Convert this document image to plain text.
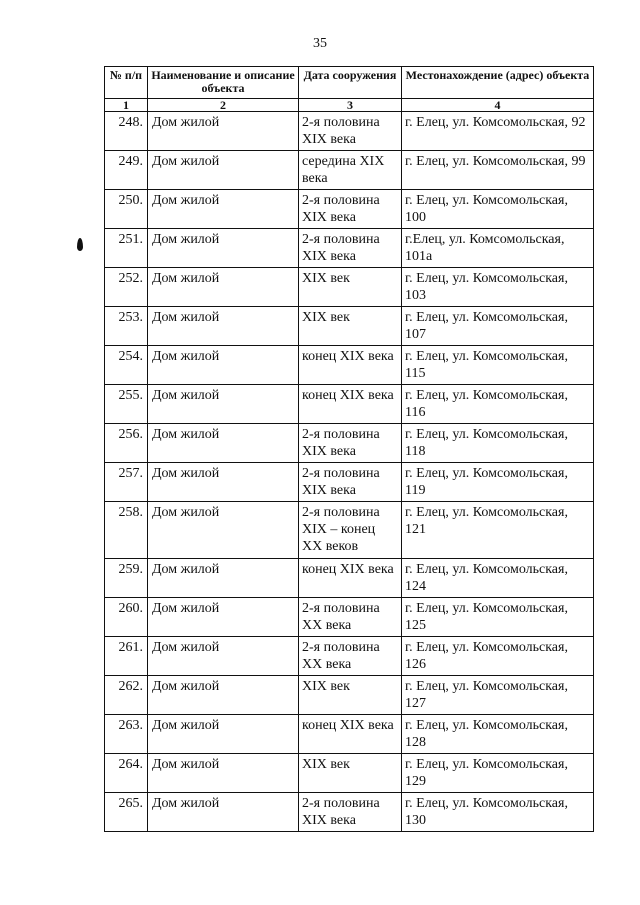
35
№ п/п	Наименование и описание объекта	Дата сооружения	Местонахождение (адрес) объекта
1	2	3	4
248.	Дом жилой	2-я половина XIX века	г. Елец, ул. Комсомольская, 92
249.	Дом жилой	середина XIX века	г. Елец, ул. Комсомольская, 99
250.	Дом жилой	2-я половина XIX века	г. Елец, ул. Комсомольская, 100
251.	Дом жилой	2-я половина XIX века	г.Елец, ул. Комсомольская, 101а
252.	Дом жилой	XIX век	г. Елец, ул. Комсомольская, 103
253.	Дом жилой	XIX век	г. Елец, ул. Комсомольская, 107
254.	Дом жилой	конец XIX века	г. Елец, ул. Комсомольская, 115
255.	Дом жилой	конец XIX века	г. Елец, ул. Комсомольская, 116
256.	Дом жилой	2-я половина XIX века	г. Елец, ул. Комсомольская, 118
257.	Дом жилой	2-я половина XIX века	г. Елец, ул. Комсомольская, 119
258.	Дом жилой	2-я половина XIX – конец XX веков	г. Елец, ул. Комсомольская, 121
259.	Дом жилой	конец XIX века	г. Елец, ул. Комсомольская, 124
260.	Дом жилой	2-я половина XX века	г. Елец, ул. Комсомольская, 125
261.	Дом жилой	2-я половина XX века	г. Елец, ул. Комсомольская, 126
262.	Дом жилой	XIX век	г. Елец, ул. Комсомольская, 127
263.	Дом жилой	конец XIX века	г. Елец, ул. Комсомольская, 128
264.	Дом жилой	XIX век	г. Елец, ул. Комсомольская, 129
265.	Дом жилой	2-я половина XIX века	г. Елец, ул. Комсомольская, 130
